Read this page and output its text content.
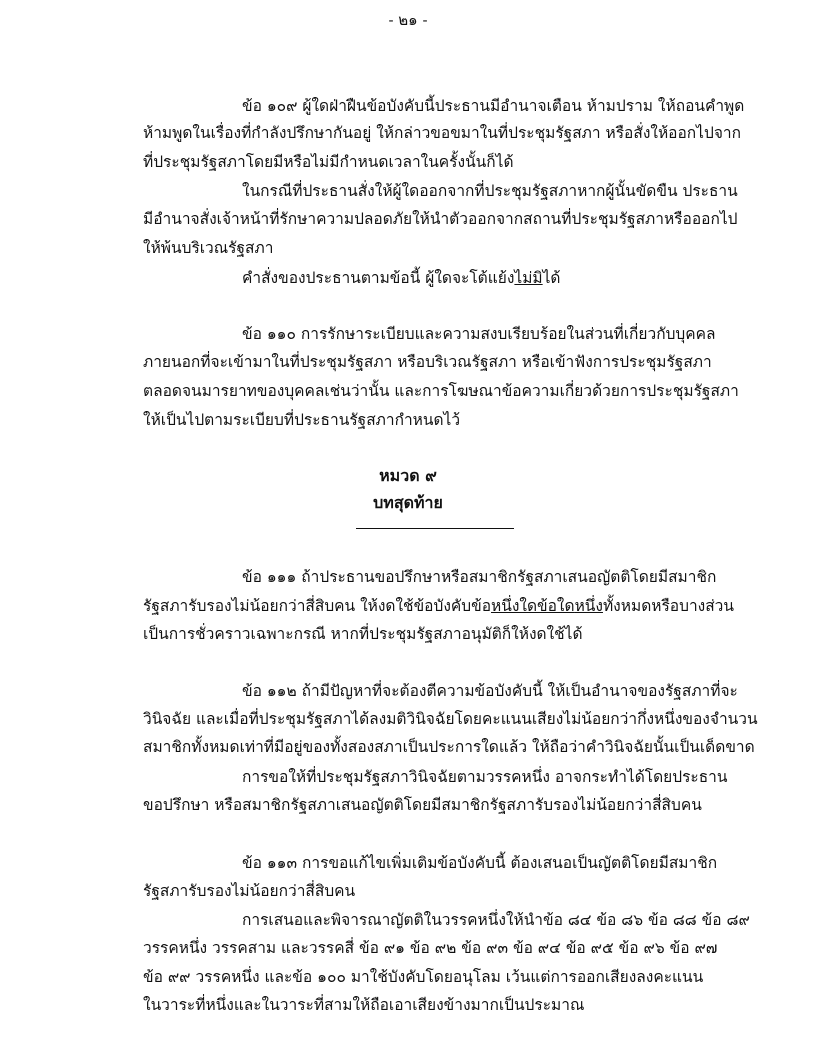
- ๒๑ -
ข้อ ๑๐๙ ผู้ใดฝ่าฝืนข้อบังคับนี้ประธานมีอำนาจเตือน ห้ามปราม ให้ถอนคำพูด
ห้ามพูดในเรื่องที่กำลังปรึกษากันอยู่ ให้กล่าวขอขมาในที่ประชุมรัฐสภา หรือสั่งให้ออกไปจาก
ที่ประชุมรัฐสภาโดยมีหรือไม่มีกำหนดเวลาในครั้งนั้นก็ได้
ในกรณีที่ประธานสั่งให้ผู้ใดออกจากที่ประชุมรัฐสภาหากผู้นั้นขัดขืน ประธาน
มีอำนาจสั่งเจ้าหน้าที่รักษาความปลอดภัยให้นำตัวออกจากสถานที่ประชุมรัฐสภาหรือออกไป
ให้พ้นบริเวณรัฐสภา
คำสั่งของประธานตามข้อนี้ ผู้ใดจะโต้แย้งไม่มิได้
ข้อ ๑๑๐ การรักษาระเบียบและความสงบเรียบร้อยในส่วนที่เกี่ยวกับบุคคล
ภายนอกที่จะเข้ามาในที่ประชุมรัฐสภา หรือบริเวณรัฐสภา หรือเข้าฟังการประชุมรัฐสภา
ตลอดจนมารยาทของบุคคลเช่นว่านั้น และการโฆษณาข้อความเกี่ยวด้วยการประชุมรัฐสภา
ให้เป็นไปตามระเบียบที่ประธานรัฐสภากำหนดไว้
หมวด ๙
บทสุดท้าย
ข้อ ๑๑๑ ถ้าประธานขอปรึกษาหรือสมาชิกรัฐสภาเสนอญัตติโดยมีสมาชิก
รัฐสภารับรองไม่น้อยกว่าสี่สิบคน ให้งดใช้ข้อบังคับข้อหนึ่งใดข้อใดหนึ่งทั้งหมดหรือบางส่วน
เป็นการชั่วคราวเฉพาะกรณี หากที่ประชุมรัฐสภาอนุมัติก็ให้งดใช้ได้
ข้อ ๑๑๒ ถ้ามีปัญหาที่จะต้องตีความข้อบังคับนี้ ให้เป็นอำนาจของรัฐสภาที่จะ
วินิจฉัย และเมื่อที่ประชุมรัฐสภาได้ลงมติวินิจฉัยโดยคะแนนเสียงไม่น้อยกว่ากึ่งหนึ่งของจำนวน
สมาชิกทั้งหมดเท่าที่มีอยู่ของทั้งสองสภาเป็นประการใดแล้ว ให้ถือว่าคำวินิจฉัยนั้นเป็นเด็ดขาด
การขอให้ที่ประชุมรัฐสภาวินิจฉัยตามวรรคหนึ่ง อาจกระทำได้โดยประธาน
ขอปรึกษา หรือสมาชิกรัฐสภาเสนอญัตติโดยมีสมาชิกรัฐสภารับรองไม่น้อยกว่าสี่สิบคน
ข้อ ๑๑๓ การขอแก้ไขเพิ่มเติมข้อบังคับนี้ ต้องเสนอเป็นญัตติโดยมีสมาชิก
รัฐสภารับรองไม่น้อยกว่าสี่สิบคน
การเสนอและพิจารณาญัตติในวรรคหนึ่งให้นำข้อ ๘๔ ข้อ ๘๖ ข้อ ๘๘ ข้อ ๘๙
วรรคหนึ่ง วรรคสาม และวรรคสี่ ข้อ ๙๑ ข้อ ๙๒ ข้อ ๙๓ ข้อ ๙๔ ข้อ ๙๕ ข้อ ๙๖ ข้อ ๙๗
ข้อ ๙๙ วรรคหนึ่ง และข้อ ๑๐๐ มาใช้บังคับโดยอนุโลม เว้นแต่การออกเสียงลงคะแนน
ในวาระที่หนึ่งและในวาระที่สามให้ถือเอาเสียงข้างมากเป็นประมาณ
